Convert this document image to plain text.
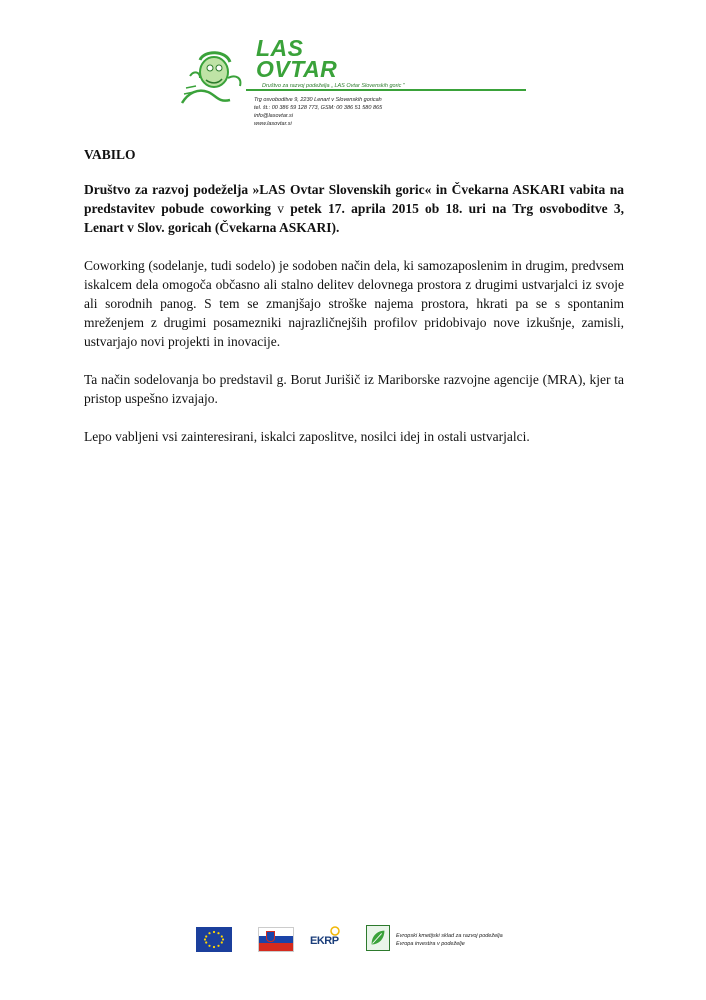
LAS
OVTAR
Društvo za razvoj podeželja „ LAS Ovtar Slovenskih goric "
Trg osvoboditve 9, 2230 Lenart v Slovenskih goricah
tel. št.: 00 386 59 128 773, GSM: 00 386 51 580 865
info@lasovtar.si
www.lasovtar.si

VABILO

Društvo za razvoj podeželja »LAS Ovtar Slovenskih goric« in Čvekarna ASKARI vabita na predstavitev pobude coworking v petek 17. aprila 2015 ob 18. uri na Trg osvoboditve 3, Lenart v Slov. goricah (Čvekarna ASKARI).

Coworking (sodelanje, tudi sodelo) je sodoben način dela, ki samozaposlenim in drugim, predvsem iskalcem dela omogoča občasno ali stalno delitev delovnega prostora z drugimi ustvarjalci iz svoje ali sorodnih panog. S tem se zmanjšajo stroške najema prostora, hkrati pa se s spontanim mreženjem z drugimi posamezniki najrazličnejših profilov pridobivajo nove izkušnje, zamisli, ustvarjajo novi projekti in inovacije.

Ta način sodelovanja bo predstavil g. Borut Jurišič iz Mariborske razvojne agencije (MRA), kjer ta pristop uspešno izvajajo.

Lepo vabljeni vsi zainteresirani, iskalci zaposlitve, nosilci idej in ostali ustvarjalci.

EKRP	Evropski kmetijski sklad za razvoj podeželja
Evropa investira v podeželje
